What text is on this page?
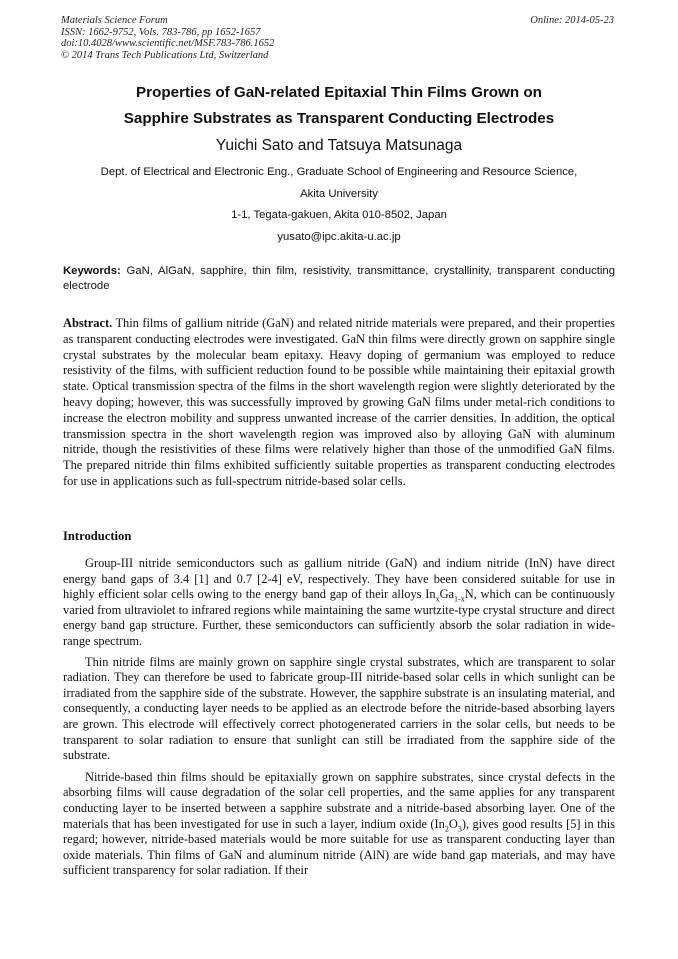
Materials Science Forum
ISSN: 1662-9752, Vols. 783-786, pp 1652-1657
doi:10.4028/www.scientific.net/MSF.783-786.1652
© 2014 Trans Tech Publications Ltd, Switzerland
Online: 2014-05-23
Properties of GaN-related Epitaxial Thin Films Grown on
Sapphire Substrates as Transparent Conducting Electrodes
Yuichi Sato and Tatsuya Matsunaga
Dept. of Electrical and Electronic Eng., Graduate School of Engineering and Resource Science,
Akita University
1-1, Tegata-gakuen, Akita 010-8502, Japan
yusato@ipc.akita-u.ac.jp
Keywords: GaN, AlGaN, sapphire, thin film, resistivity, transmittance, crystallinity, transparent conducting electrode
Abstract. Thin films of gallium nitride (GaN) and related nitride materials were prepared, and their properties as transparent conducting electrodes were investigated. GaN thin films were directly grown on sapphire single crystal substrates by the molecular beam epitaxy. Heavy doping of germanium was employed to reduce resistivity of the films, with sufficient reduction found to be possible while maintaining their epitaxial growth state. Optical transmission spectra of the films in the short wavelength region were slightly deteriorated by the heavy doping; however, this was successfully improved by growing GaN films under metal-rich conditions to increase the electron mobility and suppress unwanted increase of the carrier densities. In addition, the optical transmission spectra in the short wavelength region was improved also by alloying GaN with aluminum nitride, though the resistivities of these films were relatively higher than those of the unmodified GaN films. The prepared nitride thin films exhibited sufficiently suitable properties as transparent conducting electrodes for use in applications such as full-spectrum nitride-based solar cells.
Introduction

Group-III nitride semiconductors such as gallium nitride (GaN) and indium nitride (InN) have direct energy band gaps of 3.4 [1] and 0.7 [2-4] eV, respectively. They have been considered suitable for use in highly efficient solar cells owing to the energy band gap of their alloys $In_xGa_{1-x}N$, which can be continuously varied from ultraviolet to infrared regions while maintaining the same wurtzite-type crystal structure and direct energy band gap structure. Further, these semiconductors can sufficiently absorb the solar radiation in wide-range spectrum.

Thin nitride films are mainly grown on sapphire single crystal substrates, which are transparent to solar radiation. They can therefore be used to fabricate group-III nitride-based solar cells in which sunlight can be irradiated from the sapphire side of the substrate. However, the sapphire substrate is an insulating material, and consequently, a conducting layer needs to be applied as an electrode before the nitride-based absorbing layers are grown. This electrode will effectively correct photogenerated carriers in the solar cells, but needs to be transparent to solar radiation to ensure that sunlight can still be irradiated from the sapphire side of the substrate.

Nitride-based thin films should be epitaxially grown on sapphire substrates, since crystal defects in the absorbing films will cause degradation of the solar cell properties, and the same applies for any transparent conducting layer to be inserted between a sapphire substrate and a nitride-based absorbing layer. One of the materials that has been investigated for use in such a layer, indium oxide $(In_2O_3)$, gives good results [5] in this regard; however, nitride-based materials would be more suitable for use as transparent conducting layer than oxide materials. Thin films of GaN and aluminum nitride (AlN) are wide band gap materials, and may have sufficient transparency for solar radiation. If their
